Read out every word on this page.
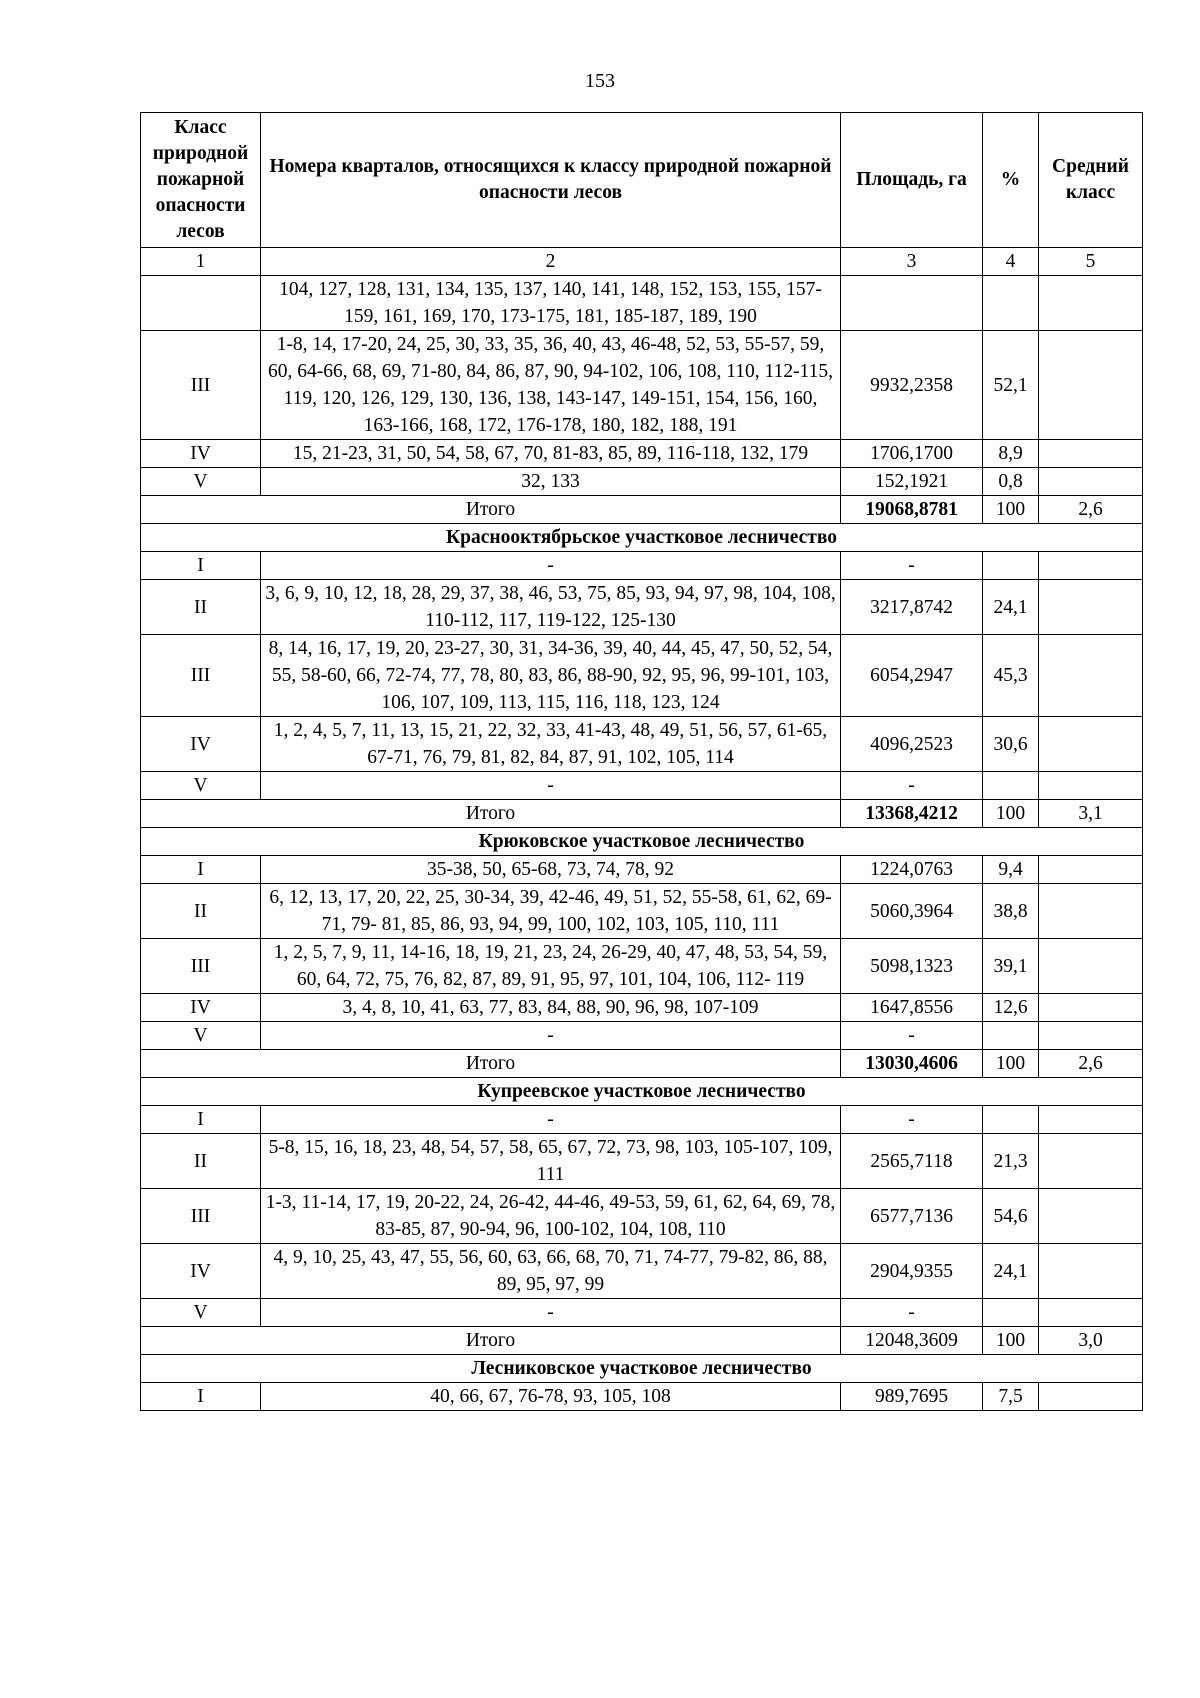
153
Класс природной пожарной опасности лесов	Номера кварталов, относящихся к классу природной пожарной опасности лесов	Площадь, га	%	Средний класс
1	2	3	4	5
	104, 127, 128, 131, 134, 135, 137, 140, 141, 148, 152, 153, 155, 157-159, 161, 169, 170, 173-175, 181, 185-187, 189, 190			
III	1-8, 14, 17-20, 24, 25, 30, 33, 35, 36, 40, 43, 46-48, 52, 53, 55-57, 59, 60, 64-66, 68, 69, 71-80, 84, 86, 87, 90, 94-102, 106, 108, 110, 112-115, 119, 120, 126, 129, 130, 136, 138, 143-147, 149-151, 154, 156, 160, 163-166, 168, 172, 176-178, 180, 182, 188, 191	9932,2358	52,1	
IV	15, 21-23, 31, 50, 54, 58, 67, 70, 81-83, 85, 89, 116-118, 132, 179	1706,1700	8,9	
V	32, 133	152,1921	0,8	
Итого		19068,8781	100	2,6
Краснооктябрьское участковое лесничество				
I	-	-		
II	3, 6, 9, 10, 12, 18, 28, 29, 37, 38, 46, 53, 75, 85, 93, 94, 97, 98, 104, 108, 110-112, 117, 119-122, 125-130	3217,8742	24,1	
III	8, 14, 16, 17, 19, 20, 23-27, 30, 31, 34-36, 39, 40, 44, 45, 47, 50, 52, 54, 55, 58-60, 66, 72-74, 77, 78, 80, 83, 86, 88-90, 92, 95, 96, 99-101, 103, 106, 107, 109, 113, 115, 116, 118, 123, 124	6054,2947	45,3	
IV	1, 2, 4, 5, 7, 11, 13, 15, 21, 22, 32, 33, 41-43, 48, 49, 51, 56, 57, 61-65, 67-71, 76, 79, 81, 82, 84, 87, 91, 102, 105, 114	4096,2523	30,6	
V	-	-		
Итого		13368,4212	100	3,1
Крюковское участковое лесничество				
I	35-38, 50, 65-68, 73, 74, 78, 92	1224,0763	9,4	
II	6, 12, 13, 17, 20, 22, 25, 30-34, 39, 42-46, 49, 51, 52, 55-58, 61, 62, 69-71, 79- 81, 85, 86, 93, 94, 99, 100, 102, 103, 105, 110, 111	5060,3964	38,8	
III	1, 2, 5, 7, 9, 11, 14-16, 18, 19, 21, 23, 24, 26-29, 40, 47, 48, 53, 54, 59, 60, 64, 72, 75, 76, 82, 87, 89, 91, 95, 97, 101, 104, 106, 112- 119	5098,1323	39,1	
IV	3, 4, 8, 10, 41, 63, 77, 83, 84, 88, 90, 96, 98, 107-109	1647,8556	12,6	
V	-	-		
Итого		13030,4606	100	2,6
Купреевское участковое лесничество				
I	-	-		
II	5-8, 15, 16, 18, 23, 48, 54, 57, 58, 65, 67, 72, 73, 98, 103, 105-107, 109, 111	2565,7118	21,3	
III	1-3, 11-14, 17, 19, 20-22, 24, 26-42, 44-46, 49-53, 59, 61, 62, 64, 69, 78, 83-85, 87, 90-94, 96, 100-102, 104, 108, 110	6577,7136	54,6	
IV	4, 9, 10, 25, 43, 47, 55, 56, 60, 63, 66, 68, 70, 71, 74-77, 79-82, 86, 88, 89, 95, 97, 99	2904,9355	24,1	
V	-	-		
Итого		12048,3609	100	3,0
Лесниковское участковое лесничество				
I	40, 66, 67, 76-78, 93, 105, 108	989,7695	7,5	
